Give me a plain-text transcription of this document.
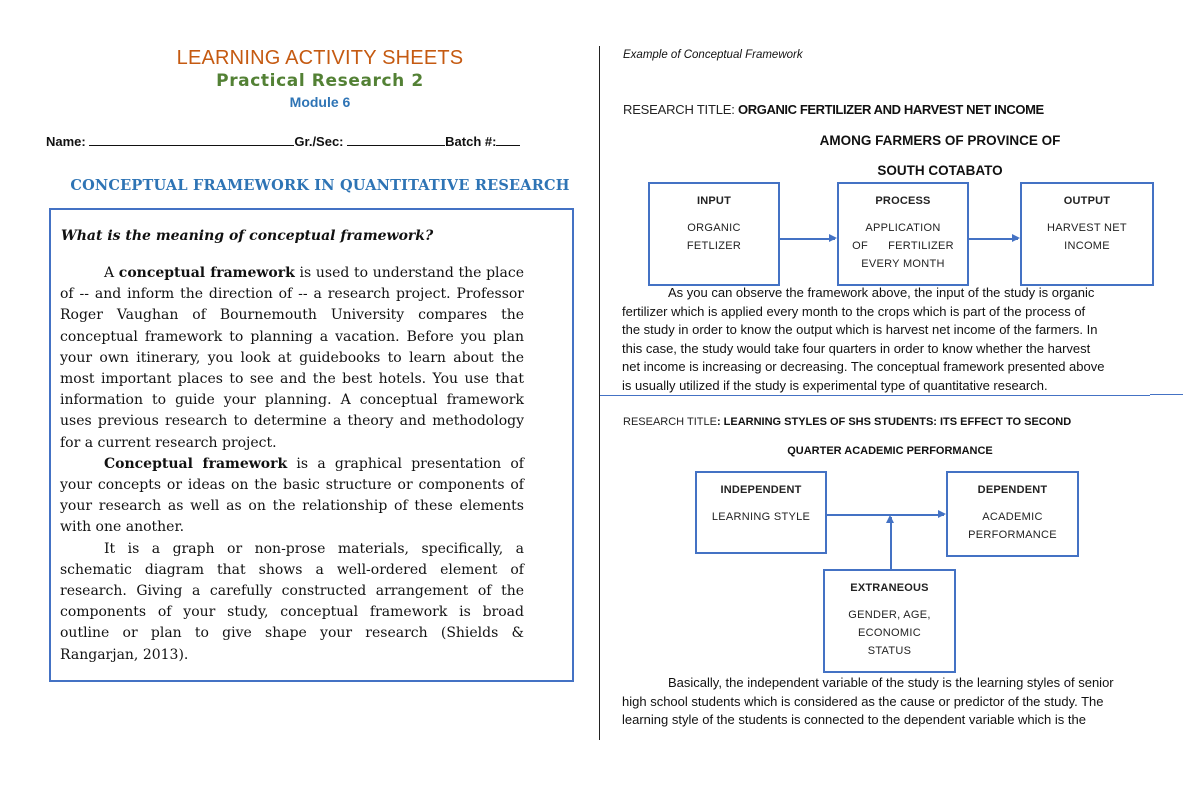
LEARNING ACTIVITY SHEETS
Practical Research 2
Module 6
Name:	Gr./Sec:	Batch #:
CONCEPTUAL FRAMEWORK IN QUANTITATIVE RESEARCH
What is the meaning of conceptual framework?

A conceptual framework is used to understand the place of -- and inform the direction of -- a research project. Professor Roger Vaughan of Bournemouth University compares the conceptual framework to planning a vacation. Before you plan your own itinerary, you look at guidebooks to learn about the most important places to see and the best hotels. You use that information to guide your planning. A conceptual framework uses previous research to determine a theory and methodology for a current research project.

Conceptual framework is a graphical presentation of your concepts or ideas on the basic structure or components of your research as well as on the relationship of these elements with one another.

It is a graph or non-prose materials, specifically, a schematic diagram that shows a well-ordered element of research. Giving a carefully constructed arrangement of the components of your study, conceptual framework is broad outline or plan to give shape your research (Shields & Rangarjan, 2013).

Example of Conceptual Framework
RESEARCH TITLE: ORGANIC FERTILIZER AND HARVEST NET INCOME
AMONG FARMERS OF PROVINCE OF
SOUTH COTABATO
INPUT
ORGANIC
FETLIZER
PROCESS
APPLICATION
OF      FERTILIZER
EVERY MONTH
OUTPUT
HARVEST NET
INCOME

As you can observe the framework above, the input of the study is organic

fertilizer which is applied every month to the crops which is part of the process of

the study in order to know the output which is harvest net income of the farmers. In

this case, the study would take four quarters in order to know whether the harvest

net income is increasing or decreasing. The conceptual framework presented above

is usually utilized if the study is experimental type of quantitative research.

RESEARCH TITLE: LEARNING STYLES OF SHS STUDENTS: ITS EFFECT TO SECOND
QUARTER ACADEMIC PERFORMANCE
INDEPENDENT
LEARNING STYLE
DEPENDENT
ACADEMIC
PERFORMANCE
EXTRANEOUS
GENDER, AGE,
ECONOMIC
STATUS

Basically, the independent variable of the study is the learning styles of senior

high school students which is considered as the cause or predictor of the study. The

learning style of the students is connected to the dependent variable which is the
